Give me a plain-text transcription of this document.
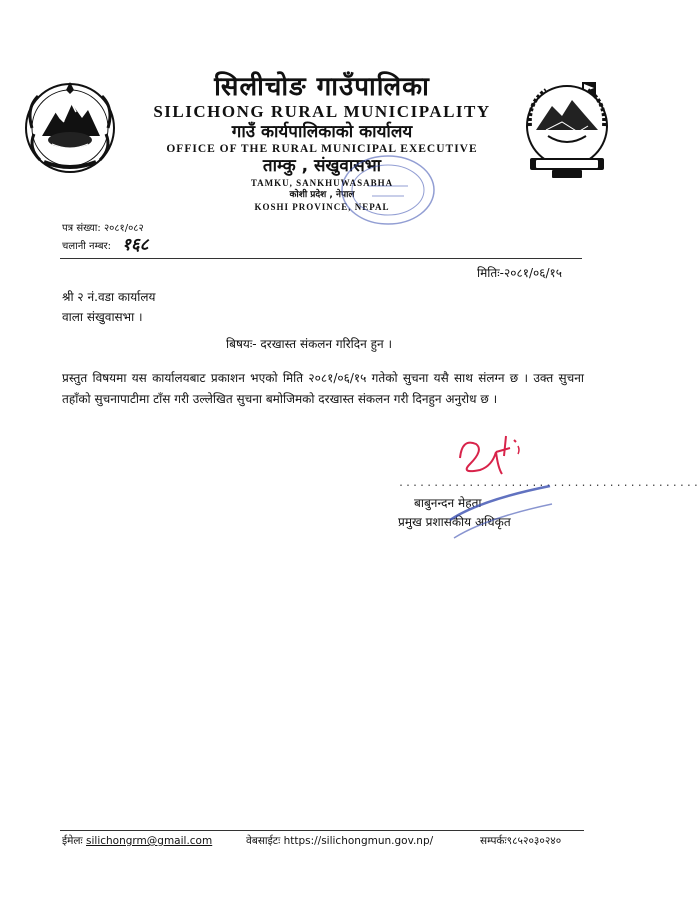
सिलीचोङ गाउँपालिका
SILICHONG RURAL MUNICIPALITY
गाउँ कार्यपालिकाको कार्यालय
OFFICE OF THE RURAL MUNICIPAL EXECUTIVE
ताम्कु , संखुवासभा
TAMKU, SANKHUWASABHA
कोशी प्रदेश , नेपाल
KOSHI PROVINCE, NEPAL
पत्र संख्या: २०८१/०८२
चलानी नम्बर: १६८
मितिः-२०८१/०६/१५
श्री २ नं.वडा कार्यालय
वाला संखुवासभा ।
बिषयः- दरखास्त संकलन गरिदिन हुन ।
प्रस्तुत विषयमा यस कार्यालयबाट प्रकाशन भएको मिति २०८१/०६/१५ गतेको सुचना यसै साथ संलग्न छ । उक्त सुचना तहाँको सुचनापाटीमा टाँस गरी उल्लेखित सुचना बमोजिमको दरखास्त संकलन गरी दिनहुन अनुरोध छ ।
...........................................
बाबुनन्दन मेहता
प्रमुख प्रशासकीय अधिकृत
ईमेलः silichongrm@gmail.com	वेबसाईटः https://silichongmun.gov.np/	सम्पर्कः९८५२०३०२४०
